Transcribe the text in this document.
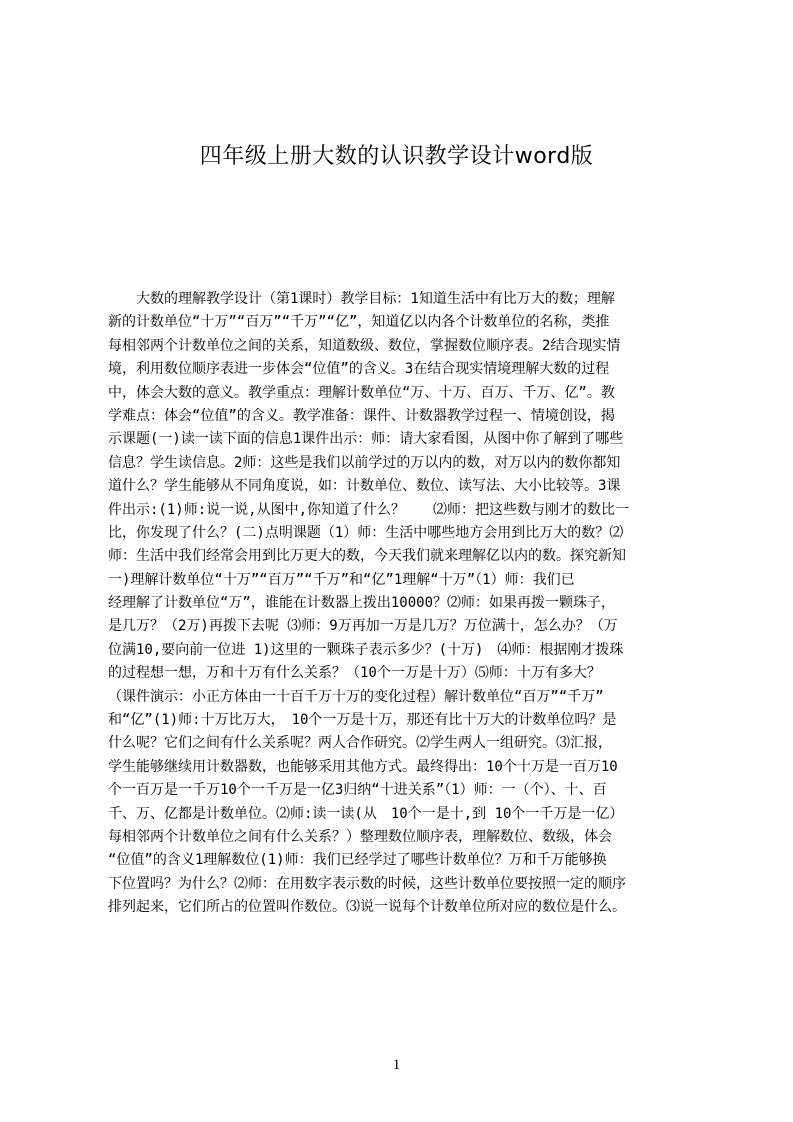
四年级上册大数的认识教学设计word版
　　大数的理解教学设计（第1课时）教学目标：1知道生活中有比万大的数；理解
新的计数单位“十万”“百万”“千万”“亿”，知道亿以内各个计数单位的名称，类推
每相邻两个计数单位之间的关系，知道数级、数位，掌握数位顺序表。2结合现实情
境，利用数位顺序表进一步体会“位值”的含义。3在结合现实情境理解大数的过程
中，体会大数的意义。教学重点：理解计数单位“万、十万、百万、千万、亿”。教
学难点：体会“位值”的含义。教学准备：课件、计数器教学过程一、情境创设，揭
示课题(一)读一读下面的信息1课件出示：师：请大家看图，从图中你了解到了哪些
信息？学生读信息。2师：这些是我们以前学过的万以内的数，对万以内的数你都知
道什么？学生能够从不同角度说，如：计数单位、数位、读写法、大小比较等。3课
件出示:(1)师:说一说,从图中,你知道了什么？　　⑵师：把这些数与刚才的数比一
比，你发现了什么？(二)点明课题（1）师：生活中哪些地方会用到比万大的数？⑵
师：生活中我们经常会用到比万更大的数，今天我们就来理解亿以内的数。探究新知
一)理解计数单位“十万”“百万”“千万”和“亿”1理解“十万”（1）师：我们已
经理解了计数单位“万”，谁能在计数器上拨出10000？⑵师：如果再拨一颗珠子，
是几万？（2万)再拨下去呢 ⑶师：9万再加一万是几万？万位满十，怎么办？（万
位满10,要向前一位进 1)这里的一颗珠子表示多少？(十万)　⑷师：根据刚才拨珠
的过程想一想，万和十万有什么关系？（10个一万是十万）⑸师：十万有多大？
（课件演示：小正方体由一十百千万十万的变化过程）解计数单位“百万”“千万”
和“亿”(1)师:十万比万大，　10个一万是十万，那还有比十万大的计数单位吗？是
什么呢？它们之间有什么关系呢？两人合作研究。⑵学生两人一组研究。⑶汇报，
学生能够继续用计数器数，也能够采用其他方式。最终得出：10个十万是一百万10
个一百万是一千万10个一千万是一亿3归纳“十进关系”（1）师：一（个）、十、百
千、万、亿都是计数单位。⑵师:读一读(从　10个一是十,到 10个一千万是一亿）
每相邻两个计数单位之间有什么关系？）整理数位顺序表，理解数位、数级，体会
“位值”的含义1理解数位(1)师：我们已经学过了哪些计数单位？万和千万能够换
下位置吗？为什么？⑵师：在用数字表示数的时候，这些计数单位要按照一定的顺序
排列起来，它们所占的位置叫作数位。⑶说一说每个计数单位所对应的数位是什么。
1
